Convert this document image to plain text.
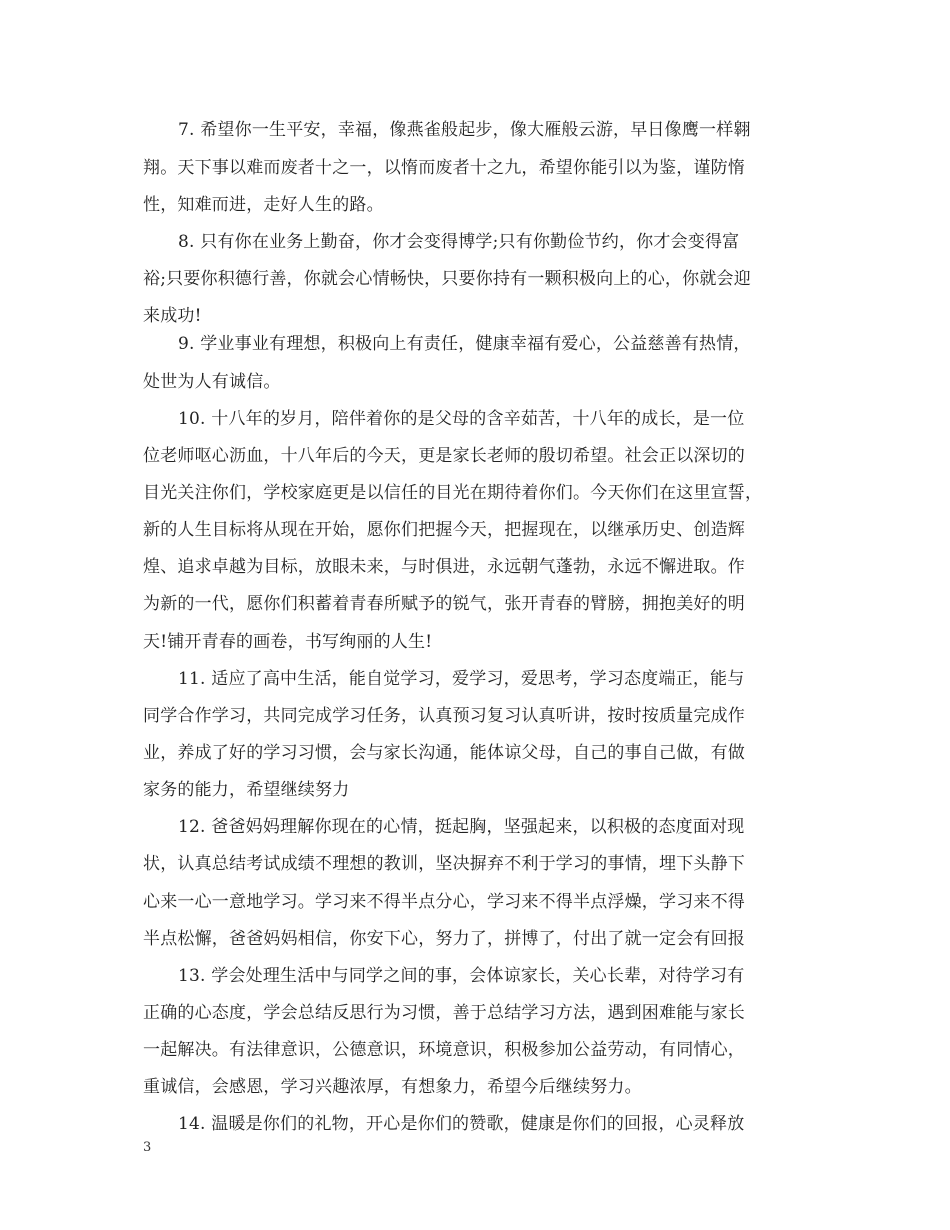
7. 希望你一生平安，幸福，像燕雀般起步，像大雁般云游，早日像鹰一样翱
翔。天下事以难而废者十之一，以惰而废者十之九，希望你能引以为鉴，谨防惰
性，知难而进，走好人生的路。
8. 只有你在业务上勤奋，你才会变得博学;只有你勤俭节约，你才会变得富
裕;只要你积德行善，你就会心情畅快，只要你持有一颗积极向上的心，你就会迎
来成功!
9. 学业事业有理想，积极向上有责任，健康幸福有爱心，公益慈善有热情，
处世为人有诚信。
10. 十八年的岁月，陪伴着你的是父母的含辛茹苦，十八年的成长，是一位
位老师呕心沥血，十八年后的今天，更是家长老师的殷切希望。社会正以深切的
目光关注你们，学校家庭更是以信任的目光在期待着你们。今天你们在这里宣誓，
新的人生目标将从现在开始，愿你们把握今天，把握现在，以继承历史、创造辉
煌、追求卓越为目标，放眼未来，与时俱进，永远朝气蓬勃，永远不懈进取。作
为新的一代，愿你们积蓄着青春所赋予的锐气，张开青春的臂膀，拥抱美好的明
天!铺开青春的画卷，书写绚丽的人生!
11. 适应了高中生活，能自觉学习，爱学习，爱思考，学习态度端正，能与
同学合作学习，共同完成学习任务，认真预习复习认真听讲，按时按质量完成作
业，养成了好的学习习惯，会与家长沟通，能体谅父母，自己的事自己做，有做
家务的能力，希望继续努力
12. 爸爸妈妈理解你现在的心情，挺起胸，坚强起来，以积极的态度面对现
状，认真总结考试成绩不理想的教训，坚决摒弃不利于学习的事情，埋下头静下
心来一心一意地学习。学习来不得半点分心，学习来不得半点浮燥，学习来不得
半点松懈，爸爸妈妈相信，你安下心，努力了，拼博了，付出了就一定会有回报
13. 学会处理生活中与同学之间的事，会体谅家长，关心长辈，对待学习有
正确的心态度，学会总结反思行为习惯，善于总结学习方法，遇到困难能与家长
一起解决。有法律意识，公德意识，环境意识，积极参加公益劳动，有同情心，
重诚信，会感恩，学习兴趣浓厚，有想象力，希望今后继续努力。
14. 温暖是你们的礼物，开心是你们的赞歌，健康是你们的回报，心灵释放
3
